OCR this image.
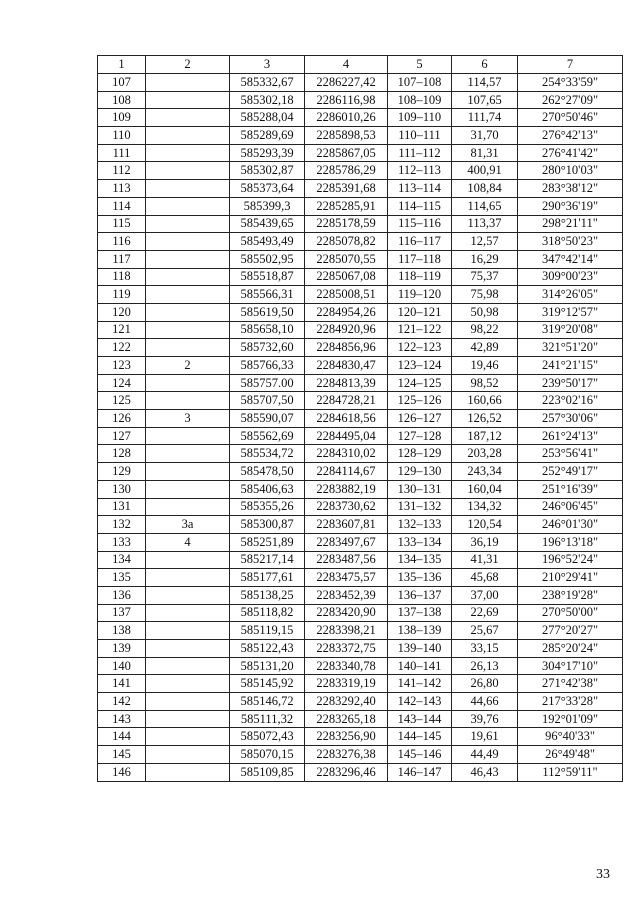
1	2	3	4	5	6	7
107		585332,67	2286227,42	107–108	114,57	254°33'59"
108		585302,18	2286116,98	108–109	107,65	262°27'09"
109		585288,04	2286010,26	109–110	111,74	270°50'46"
110		585289,69	2285898,53	110–111	31,70	276°42'13"
111		585293,39	2285867,05	111–112	81,31	276°41'42"
112		585302,87	2285786,29	112–113	400,91	280°10'03"
113		585373,64	2285391,68	113–114	108,84	283°38'12"
114		585399,3	2285285,91	114–115	114,65	290°36'19"
115		585439,65	2285178,59	115–116	113,37	298°21'11"
116		585493,49	2285078,82	116–117	12,57	318°50'23"
117		585502,95	2285070,55	117–118	16,29	347°42'14"
118		585518,87	2285067,08	118–119	75,37	309°00'23"
119		585566,31	2285008,51	119–120	75,98	314°26'05"
120		585619,50	2284954,26	120–121	50,98	319°12'57"
121		585658,10	2284920,96	121–122	98,22	319°20'08"
122		585732,60	2284856,96	122–123	42,89	321°51'20"
123	2	585766,33	2284830,47	123–124	19,46	241°21'15"
124		585757.00	2284813,39	124–125	98,52	239°50'17"
125		585707,50	2284728,21	125–126	160,66	223°02'16"
126	3	585590,07	2284618,56	126–127	126,52	257°30'06"
127		585562,69	2284495,04	127–128	187,12	261°24'13"
128		585534,72	2284310,02	128–129	203,28	253°56'41"
129		585478,50	2284114,67	129–130	243,34	252°49'17"
130		585406,63	2283882,19	130–131	160,04	251°16'39"
131		585355,26	2283730,62	131–132	134,32	246°06'45"
132	3а	585300,87	2283607,81	132–133	120,54	246°01'30"
133	4	585251,89	2283497,67	133–134	36,19	196°13'18"
134		585217,14	2283487,56	134–135	41,31	196°52'24"
135		585177,61	2283475,57	135–136	45,68	210°29'41"
136		585138,25	2283452,39	136–137	37,00	238°19'28"
137		585118,82	2283420,90	137–138	22,69	270°50'00"
138		585119,15	2283398,21	138–139	25,67	277°20'27"
139		585122,43	2283372,75	139–140	33,15	285°20'24"
140		585131,20	2283340,78	140–141	26,13	304°17'10"
141		585145,92	2283319,19	141–142	26,80	271°42'38"
142		585146,72	2283292,40	142–143	44,66	217°33'28"
143		585111,32	2283265,18	143–144	39,76	192°01'09"
144		585072,43	2283256,90	144–145	19,61	96°40'33"
145		585070,15	2283276,38	145–146	44,49	26°49'48"
146		585109,85	2283296,46	146–147	46,43	112°59'11"
33
